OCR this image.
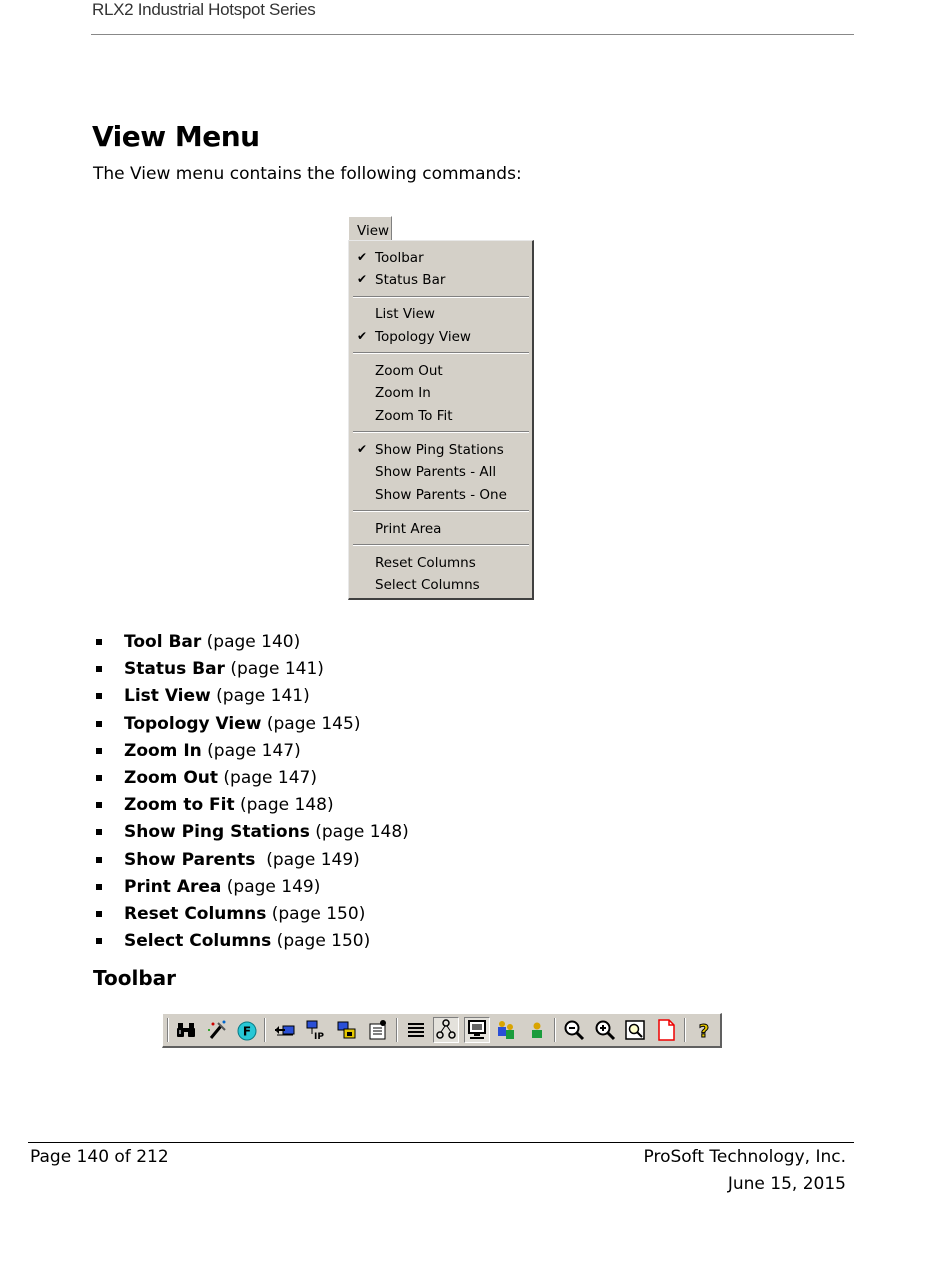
RLX2 Industrial Hotspot Series
View Menu
The View menu contains the following commands:
View
✔ Toolbar
✔ Status Bar
List View
✔ Topology View
Zoom Out
Zoom In
Zoom To Fit
✔ Show Ping Stations
Show Parents - All
Show Parents - One
Print Area
Reset Columns
Select Columns
Tool Bar (page 140)
Status Bar (page 141)
List View (page 141)
Topology View (page 145)
Zoom In (page 147)
Zoom Out (page 147)
Zoom to Fit (page 148)
Show Ping Stations (page 148)
Show Parents  (page 149)
Print Area (page 149)
Reset Columns (page 150)
Select Columns (page 150)
Toolbar
F	IP	?
Page 140 of 212	ProSoft Technology, Inc.
June 15, 2015
